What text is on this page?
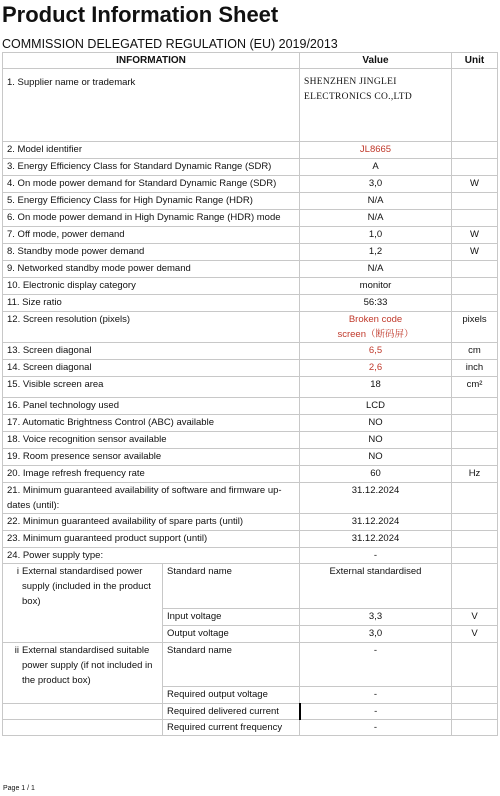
Product Information Sheet
COMMISSION DELEGATED REGULATION (EU) 2019/2013
INFORMATION		Value	Unit
1. Supplier name or trademark		SHENZHEN JINGLEI
ELECTRONICS CO.,LTD	

2. Model identifier		JL8665	
3. Energy Efficiency Class for Standard Dynamic Range (SDR)		A	
4. On mode power demand for Standard Dynamic Range (SDR)		3,0	W
5. Energy Efficiency Class for High Dynamic Range (HDR)		N/A	
6. On mode power demand in High Dynamic Range (HDR) mode		N/A	
7. Off mode, power demand		1,0	W
8. Standby mode power demand		1,2	W
9. Networked standby mode power demand		N/A	
10. Electronic display category		monitor	
11. Size ratio		56:33	
12. Screen resolution (pixels)		Broken code
screen（断码屏）	pixels
13. Screen diagonal		6,5	cm
14. Screen diagonal		2,6	inch
15. Visible screen area		18	cm²
16. Panel technology used		LCD	
17. Automatic Brightness Control (ABC) available		NO	
18. Voice recognition sensor available		NO	
19. Room presence sensor available		NO	
20. Image refresh frequency rate		60	Hz
21. Minimum guaranteed availability of software and firmware up-dates (until):		31.12.2024	
22. Minimun guaranteed availability of spare parts (until)		31.12.2024	
23. Minimum guaranteed product support (until)		31.12.2024	
24. Power supply type:		-	

i External standardised power supply (included in the product box)	Standard name	External standardised	
	Input voltage	3,3	V
	Output voltage	3,0	V

ii External standardised suitable power supply (if not included in the product box)	Standard name	-	
	Required output voltage	-	
	Required delivered current	-	
	Required current frequency	-	
Page 1 / 1
